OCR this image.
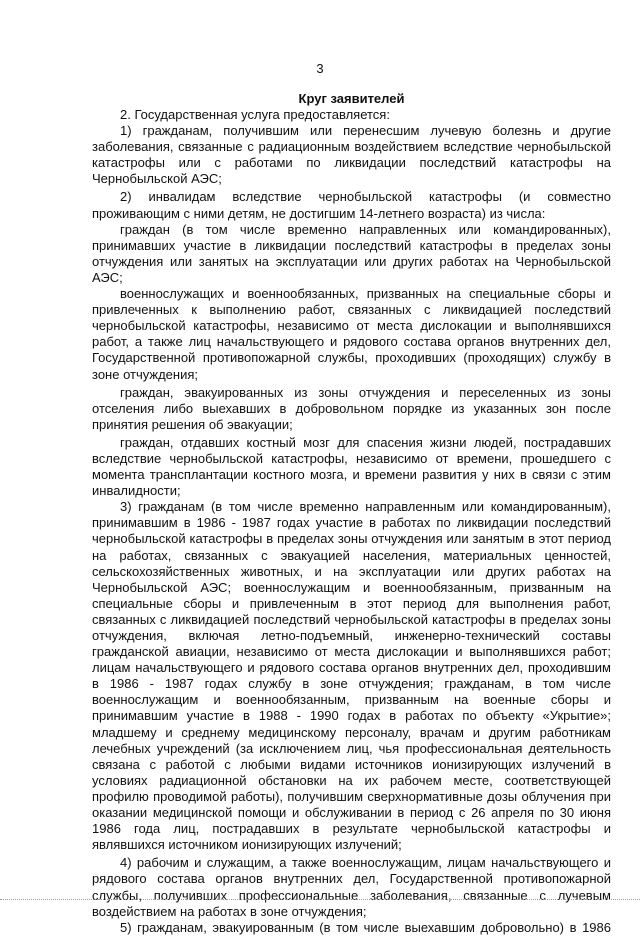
3
Круг заявителей

2. Государственная услуга предоставляется:

1) гражданам, получившим или перенесшим лучевую болезнь и другие заболевания, связанные с радиационным воздействием вследствие чернобыльской катастрофы или с работами по ликвидации последствий катастрофы на Чернобыльской АЭС;

2) инвалидам вследствие чернобыльской катастрофы (и совместно проживающим с ними детям, не достигшим 14-летнего возраста) из числа:

граждан (в том числе временно направленных или командированных), принимавших участие в ликвидации последствий катастрофы в пределах зоны отчуждения или занятых на эксплуатации или других работах на Чернобыльской АЭС;

военнослужащих и военнообязанных, призванных на специальные сборы и привлеченных к выполнению работ, связанных с ликвидацией последствий чернобыльской катастрофы, независимо от места дислокации и выполнявшихся работ, а также лиц начальствующего и рядового состава органов внутренних дел, Государственной противопожарной службы, проходивших (проходящих) службу в зоне отчуждения;

граждан, эвакуированных из зоны отчуждения и переселенных из зоны отселения либо выехавших в добровольном порядке из указанных зон после принятия решения об эвакуации;

граждан, отдавших костный мозг для спасения жизни людей, пострадавших вследствие чернобыльской катастрофы, независимо от времени, прошедшего с момента трансплантации костного мозга, и времени развития у них в связи с этим инвалидности;

3) гражданам (в том числе временно направленным или командированным), принимавшим в 1986 - 1987 годах участие в работах по ликвидации последствий чернобыльской катастрофы в пределах зоны отчуждения или занятым в этот период на работах, связанных с эвакуацией населения, материальных ценностей, сельскохозяйственных животных, и на эксплуатации или других работах на Чернобыльской АЭС; военнослужащим и военнообязанным, призванным на специальные сборы и привлеченным в этот период для выполнения работ, связанных с ликвидацией последствий чернобыльской катастрофы в пределах зоны отчуждения, включая летно-подъемный, инженерно-технический составы гражданской авиации, независимо от места дислокации и выполнявшихся работ; лицам начальствующего и рядового состава органов внутренних дел, проходившим в 1986 - 1987 годах службу в зоне отчуждения; гражданам, в том числе военнослужащим и военнообязанным, призванным на военные сборы и принимавшим участие в 1988 - 1990 годах в работах по объекту «Укрытие»; младшему и среднему медицинскому персоналу, врачам и другим работникам лечебных учреждений (за исключением лиц, чья профессиональная деятельность связана с работой с любыми видами источников ионизирующих излучений в условиях радиационной обстановки на их рабочем месте, соответствующей профилю проводимой работы), получившим сверхнормативные дозы облучения при оказании медицинской помощи и обслуживании в период с 26 апреля по 30 июня 1986 года лиц, пострадавших в результате чернобыльской катастрофы и являвшихся источником ионизирующих излучений;

4) рабочим и служащим, а также военнослужащим, лицам начальствующего и рядового состава органов внутренних дел, Государственной противопожарной службы, получивших профессиональные заболевания, связанные с лучевым воздействием на работах в зоне отчуждения;

5) гражданам, эвакуированным (в том числе выехавшим добровольно) в 1986
